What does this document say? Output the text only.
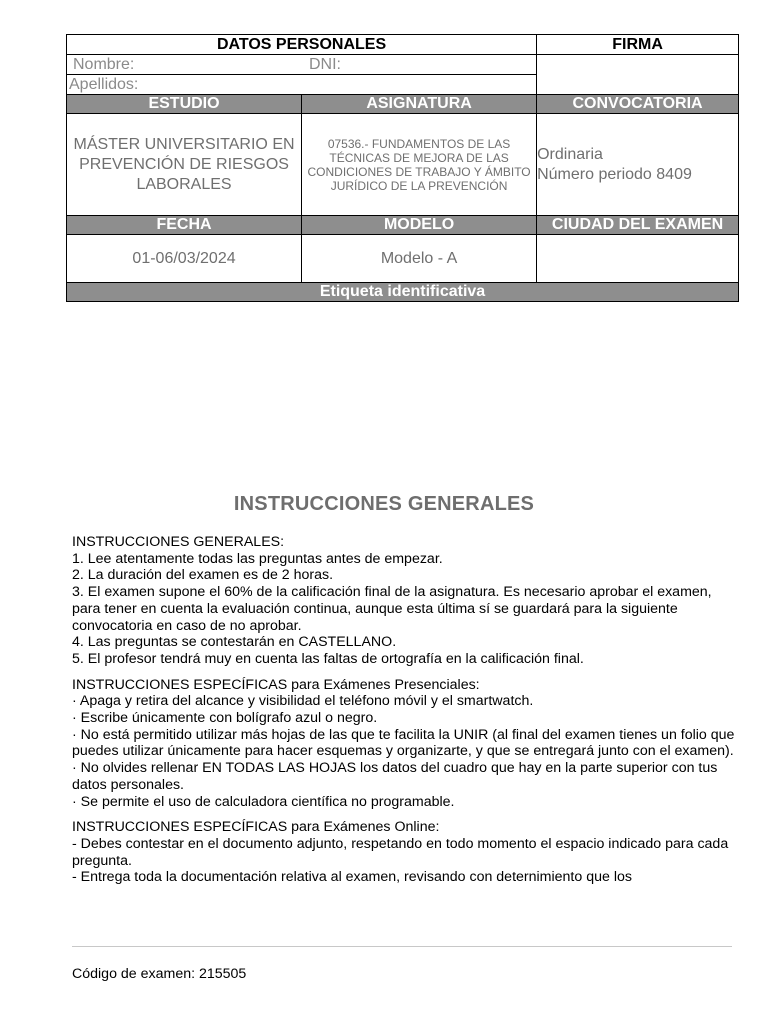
DATOS PERSONALES		FIRMA

Nombre: DNI:		

Apellidos:		

ESTUDIO	ASIGNATURA	CONVOCATORIA
MÁSTER UNIVERSITARIO EN PREVENCIÓN DE RIESGOS LABORALES	07536.- FUNDAMENTOS DE LAS TÉCNICAS DE MEJORA DE LAS CONDICIONES DE TRABAJO Y ÁMBITO JURÍDICO DE LA PREVENCIÓN	Ordinaria
Número periodo 8409

FECHA	MODELO	CIUDAD DEL EXAMEN
01-06/03/2024	Modelo - A	
Etiqueta identificativa		
INSTRUCCIONES GENERALES

INSTRUCCIONES GENERALES:

1. Lee atentamente todas las preguntas antes de empezar.

2. La duración del examen es de 2 horas.

3. El examen supone el 60% de la calificación final de la asignatura. Es necesario aprobar el examen, para tener en cuenta la evaluación continua, aunque esta última sí se guardará para la siguiente convocatoria en caso de no aprobar.

4. Las preguntas se contestarán en CASTELLANO.

5. El profesor tendrá muy en cuenta las faltas de ortografía en la calificación final.

INSTRUCCIONES ESPECÍFICAS para Exámenes Presenciales:

· Apaga y retira del alcance y visibilidad el teléfono móvil y el smartwatch.

· Escribe únicamente con bolígrafo azul o negro.

· No está permitido utilizar más hojas de las que te facilita la UNIR (al final del examen tienes un folio que puedes utilizar únicamente para hacer esquemas y organizarte, y que se entregará junto con el examen).

· No olvides rellenar EN TODAS LAS HOJAS los datos del cuadro que hay en la parte superior con tus datos personales.

· Se permite el uso de calculadora científica no programable.

INSTRUCCIONES ESPECÍFICAS para Exámenes Online:

- Debes contestar en el documento adjunto, respetando en todo momento el espacio indicado para cada pregunta.

- Entrega toda la documentación relativa al examen, revisando con deternimiento que los

Código de examen: 215505
